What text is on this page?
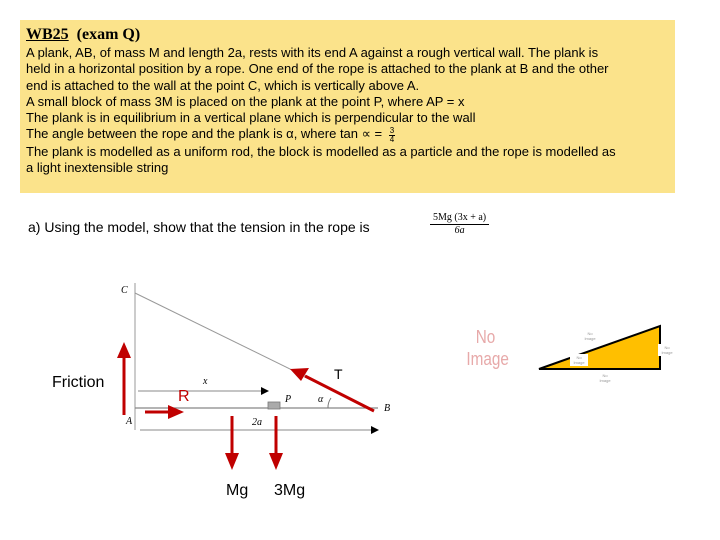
WB25 (exam Q)
A plank, AB, of mass M and length 2a, rests with its end A against a rough vertical wall. The plank is
held in a horizontal position by a rope. One end of the rope is attached to the plank at B and the other
end is attached to the wall at the point C, which is vertically above A.
A small block of mass 3M is placed on the plank at the point P, where AP = x
The plank is in equilibrium in a vertical plane which is perpendicular to the wall
The angle between the rope and the plank is α, where tan ∝ = $\frac{3}{4}$
The plank is modelled as a uniform rod, the block is modelled as a particle and the rope is modelled as
a light inextensible string
a) Using the model, show that the tension in the rope is	$\frac{5Mg (3x + a)}{6a}$
C
A
P
B
x
α
2a
Friction
R
T
Mg 3Mg
No Image
No Image
No Image
No Image
No Image
